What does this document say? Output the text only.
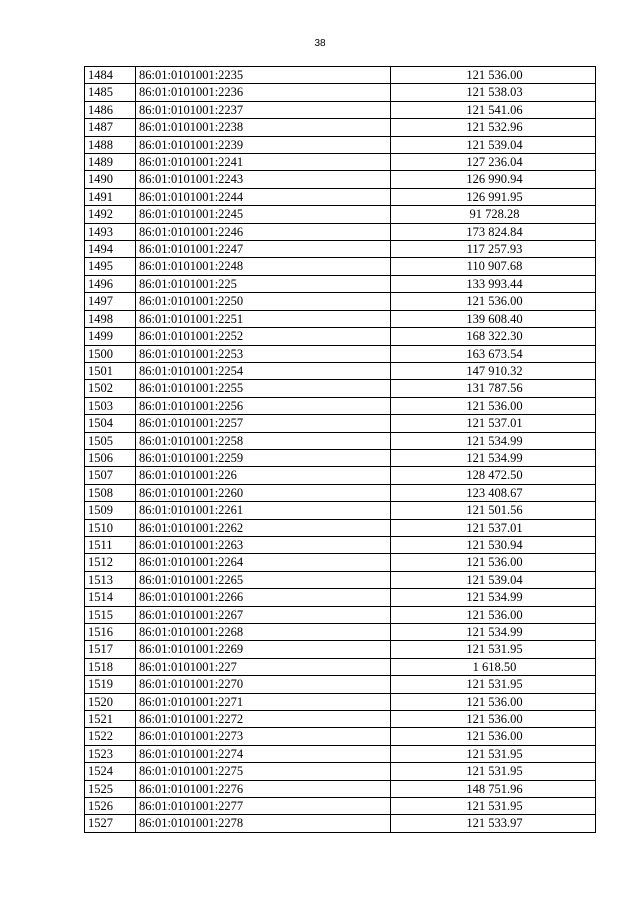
38
1484	86:01:0101001:2235	121 536.00
1485	86:01:0101001:2236	121 538.03
1486	86:01:0101001:2237	121 541.06
1487	86:01:0101001:2238	121 532.96
1488	86:01:0101001:2239	121 539.04
1489	86:01:0101001:2241	127 236.04
1490	86:01:0101001:2243	126 990.94
1491	86:01:0101001:2244	126 991.95
1492	86:01:0101001:2245	91 728.28
1493	86:01:0101001:2246	173 824.84
1494	86:01:0101001:2247	117 257.93
1495	86:01:0101001:2248	110 907.68
1496	86:01:0101001:225	133 993.44
1497	86:01:0101001:2250	121 536.00
1498	86:01:0101001:2251	139 608.40
1499	86:01:0101001:2252	168 322.30
1500	86:01:0101001:2253	163 673.54
1501	86:01:0101001:2254	147 910.32
1502	86:01:0101001:2255	131 787.56
1503	86:01:0101001:2256	121 536.00
1504	86:01:0101001:2257	121 537.01
1505	86:01:0101001:2258	121 534.99
1506	86:01:0101001:2259	121 534.99
1507	86:01:0101001:226	128 472.50
1508	86:01:0101001:2260	123 408.67
1509	86:01:0101001:2261	121 501.56
1510	86:01:0101001:2262	121 537.01
1511	86:01:0101001:2263	121 530.94
1512	86:01:0101001:2264	121 536.00
1513	86:01:0101001:2265	121 539.04
1514	86:01:0101001:2266	121 534.99
1515	86:01:0101001:2267	121 536.00
1516	86:01:0101001:2268	121 534.99
1517	86:01:0101001:2269	121 531.95
1518	86:01:0101001:227	1 618.50
1519	86:01:0101001:2270	121 531.95
1520	86:01:0101001:2271	121 536.00
1521	86:01:0101001:2272	121 536.00
1522	86:01:0101001:2273	121 536.00
1523	86:01:0101001:2274	121 531.95
1524	86:01:0101001:2275	121 531.95
1525	86:01:0101001:2276	148 751.96
1526	86:01:0101001:2277	121 531.95
1527	86:01:0101001:2278	121 533.97
